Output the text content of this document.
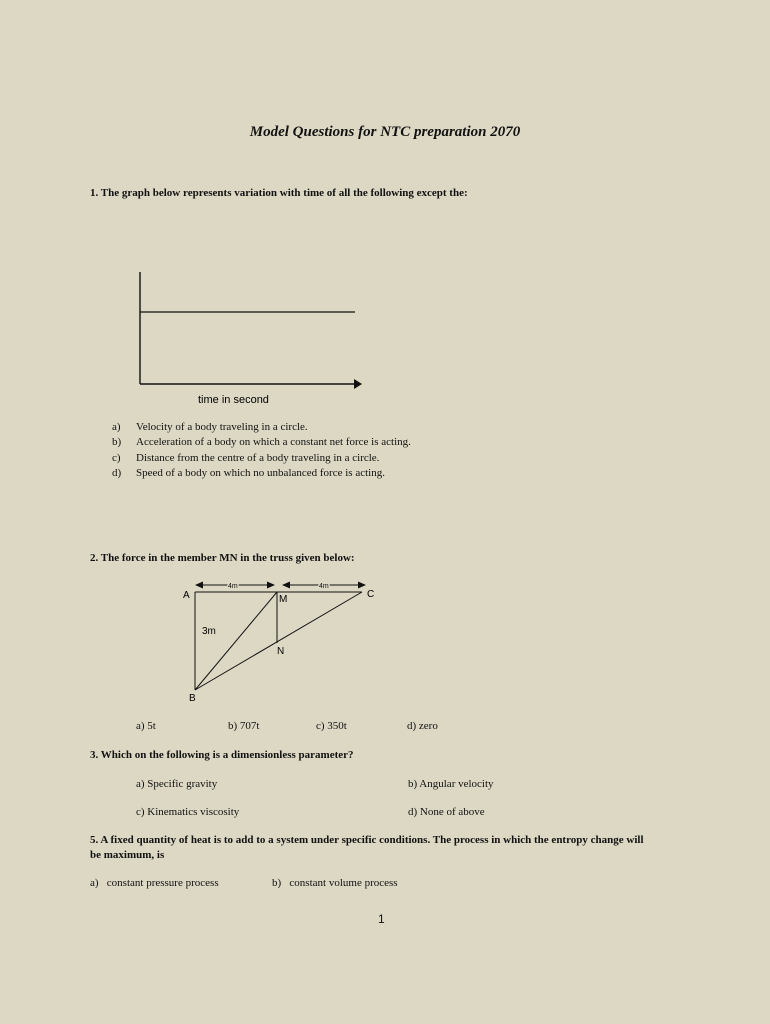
Model Questions for NTC preparation 2070
1. The graph below represents variation with time of all the following except the:
time in second
a) Velocity of a body traveling in a circle.
b) Acceleration of a body on which a constant net force is acting.
c) Distance from the centre of a body traveling in a circle.
d) Speed of a body on which no unbalanced force is acting.
2. The force in the member MN in the truss given below:
4m	4m
A	M	C
N
B
3m
a) 5t	b) 707t	c) 350t	d) zero
3. Which on the following is a dimensionless parameter?
a) Specific gravity	b) Angular velocity
c) Kinematics viscosity	d) None of above
5. A fixed quantity of heat is to add to a system under specific conditions. The process in which the entropy change will
be maximum, is
a) constant pressure process	b) constant volume process
1
